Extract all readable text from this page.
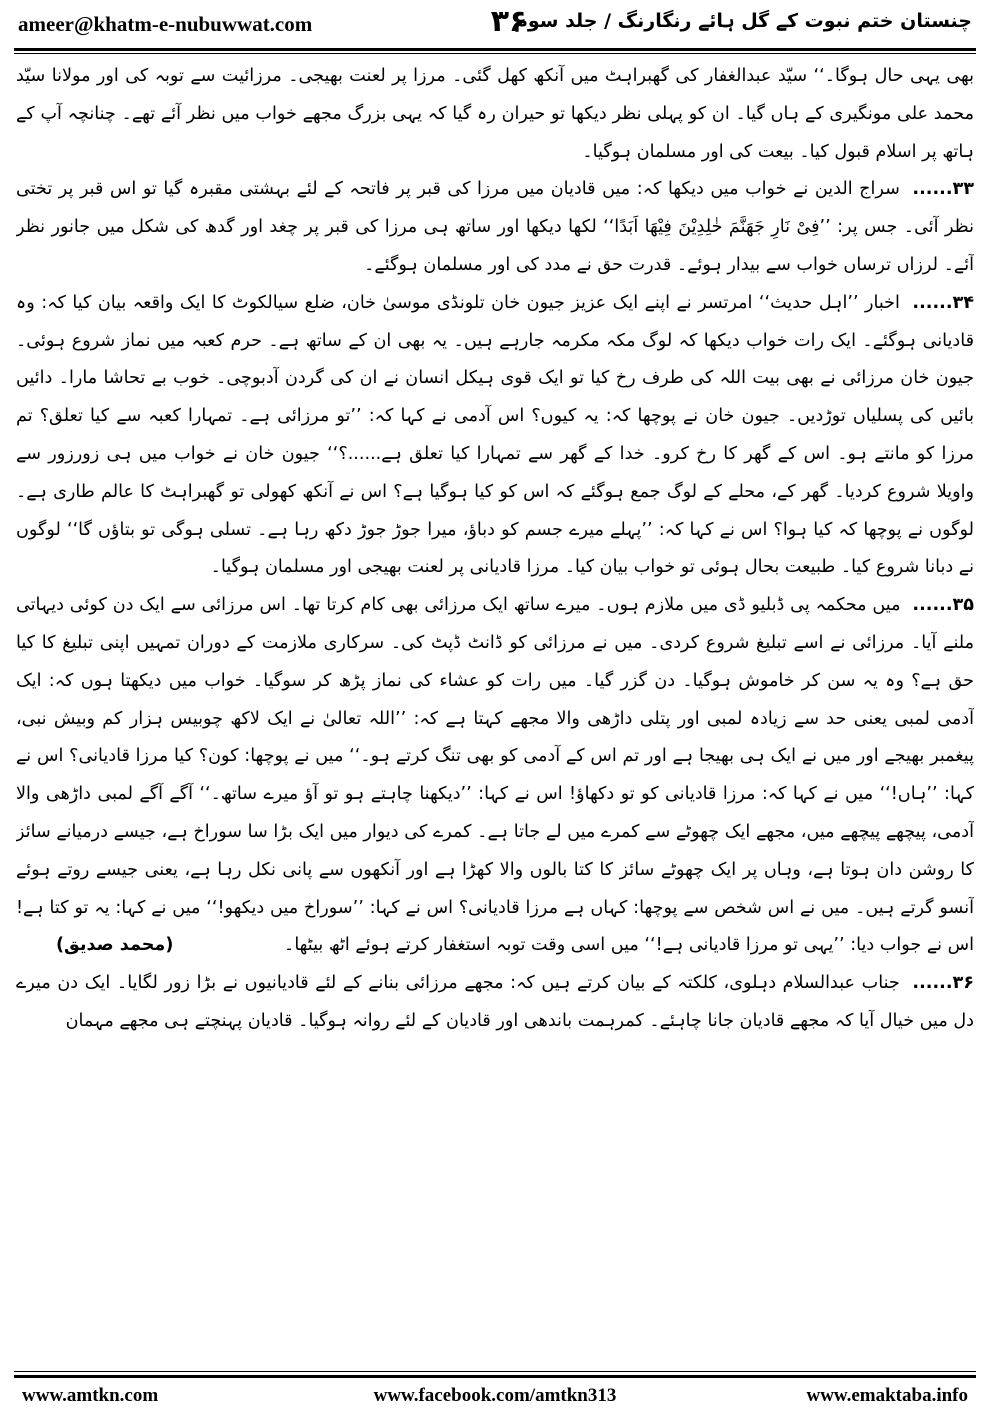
ameer@khatm-e-nubuwwat.com	۳۶
چنستان ختم نبوت کے گل ہائے رنگارنگ / جلد سوم

بھی یہی حال ہوگا۔‘‘ سیّد عبدالغفار کی گھبراہٹ میں آنکھ کھل گئی۔ مرزا پر لعنت بھیجی۔ مرزائیت سے توبہ کی اور مولانا سیّد محمد علی مونگیری کے ہاں گیا۔ ان کو پہلی نظر دیکھا تو حیران رہ گیا کہ یہی بزرگ مجھے خواب میں نظر آئے تھے۔ چنانچہ آپ کے ہاتھ پر اسلام قبول کیا۔ بیعت کی اور مسلمان ہوگیا۔

۳۳...... سراج الدین نے خواب میں دیکھا کہ: میں قادیان میں مرزا کی قبر پر فاتحہ کے لئے بہشتی مقبرہ گیا تو اس قبر پر تختی نظر آئی۔ جس پر: ’’فِیْ نَارِ جَهَنَّمَ خٰلِدِیْنَ فِیْهَا اَبَدًا‘‘ لکھا دیکھا اور ساتھ ہی مرزا کی قبر پر چغد اور گدھ کی شکل میں جانور نظر آئے۔ لرزاں ترساں خواب سے بیدار ہوئے۔ قدرت حق نے مدد کی اور مسلمان ہوگئے۔

۳۴...... اخبار ’’اہل حدیث‘‘ امرتسر نے اپنے ایک عزیز جیون خان تلونڈی موسیٰ خان، ضلع سیالکوٹ کا ایک واقعہ بیان کیا کہ: وہ قادیانی ہوگئے۔ ایک رات خواب دیکھا کہ لوگ مکہ مکرمہ جارہے ہیں۔ یہ بھی ان کے ساتھ ہے۔ حرم کعبہ میں نماز شروع ہوئی۔ جیون خان مرزائی نے بھی بیت اللہ کی طرف رخ کیا تو ایک قوی ہیکل انسان نے ان کی گردن آدبوچی۔ خوب بے تحاشا مارا۔ دائیں بائیں کی پسلیاں توڑدیں۔ جیون خان نے پوچھا کہ: یہ کیوں؟ اس آدمی نے کہا کہ: ’’تو مرزائی ہے۔ تمہارا کعبہ سے کیا تعلق؟ تم مرزا کو مانتے ہو۔ اس کے گھر کا رخ کرو۔ خدا کے گھر سے تمہارا کیا تعلق ہے......؟‘‘ جیون خان نے خواب میں ہی زورزور سے واویلا شروع کردیا۔ گھر کے، محلے کے لوگ جمع ہوگئے کہ اس کو کیا ہوگیا ہے؟ اس نے آنکھ کھولی تو گھبراہٹ کا عالم طاری ہے۔ لوگوں نے پوچھا کہ کیا ہوا؟ اس نے کہا کہ: ’’پہلے میرے جسم کو دباؤ، میرا جوڑ جوڑ دکھ رہا ہے۔ تسلی ہوگی تو بتاؤں گا‘‘ لوگوں نے دبانا شروع کیا۔ طبیعت بحال ہوئی تو خواب بیان کیا۔ مرزا قادیانی پر لعنت بھیجی اور مسلمان ہوگیا۔

۳۵...... میں محکمہ پی ڈبلیو ڈی میں ملازم ہوں۔ میرے ساتھ ایک مرزائی بھی کام کرتا تھا۔ اس مرزائی سے ایک دن کوئی دیہاتی ملنے آیا۔ مرزائی نے اسے تبلیغ شروع کردی۔ میں نے مرزائی کو ڈانٹ ڈپٹ کی۔ سرکاری ملازمت کے دوران تمہیں اپنی تبلیغ کا کیا حق ہے؟ وہ یہ سن کر خاموش ہوگیا۔ دن گزر گیا۔ میں رات کو عشاء کی نماز پڑھ کر سوگیا۔ خواب میں دیکھتا ہوں کہ: ایک آدمی لمبی یعنی حد سے زیادہ لمبی اور پتلی داڑھی والا مجھے کہتا ہے کہ: ’’اللہ تعالیٰ نے ایک لاکھ چوبیس ہزار کم وبیش نبی، پیغمبر بھیجے اور میں نے ایک ہی بھیجا ہے اور تم اس کے آدمی کو بھی تنگ کرتے ہو۔‘‘ میں نے پوچھا: کون؟ کیا مرزا قادیانی؟ اس نے کہا: ’’ہاں!‘‘ میں نے کہا کہ: مرزا قادیانی کو تو دکھاؤ! اس نے کہا: ’’دیکھنا چاہتے ہو تو آؤ میرے ساتھ۔‘‘ آگے آگے لمبی داڑھی والا آدمی، پیچھے پیچھے میں، مجھے ایک چھوٹے سے کمرے میں لے جاتا ہے۔ کمرے کی دیوار میں ایک بڑا سا سوراخ ہے، جیسے درمیانے سائز کا روشن دان ہوتا ہے، وہاں پر ایک چھوٹے سائز کا کتا بالوں والا کھڑا ہے اور آنکھوں سے پانی نکل رہا ہے، یعنی جیسے روتے ہوئے آنسو گرتے ہیں۔ میں نے اس شخص سے پوچھا: کہاں ہے مرزا قادیانی؟ اس نے کہا: ’’سوراخ میں دیکھو!‘‘ میں نے کہا: یہ تو کتا ہے! اس نے جواب دیا: ’’یہی تو مرزا قادیانی ہے!‘‘ میں اسی وقت توبہ استغفار کرتے ہوئے اٹھ بیٹھا۔
(محمد صدیق)

۳۶...... جناب عبدالسلام دہلوی، کلکتہ کے بیان کرتے ہیں کہ: مجھے مرزائی بنانے کے لئے قادیانیوں نے بڑا زور لگایا۔ ایک دن میرے دل میں خیال آیا کہ مجھے قادیان جانا چاہئے۔ کمرہمت باندھی اور قادیان کے لئے روانہ ہوگیا۔ قادیان پہنچتے ہی مجھے مہمان

www.amtkn.com	www.facebook.com/amtkn313	www.emaktaba.info
